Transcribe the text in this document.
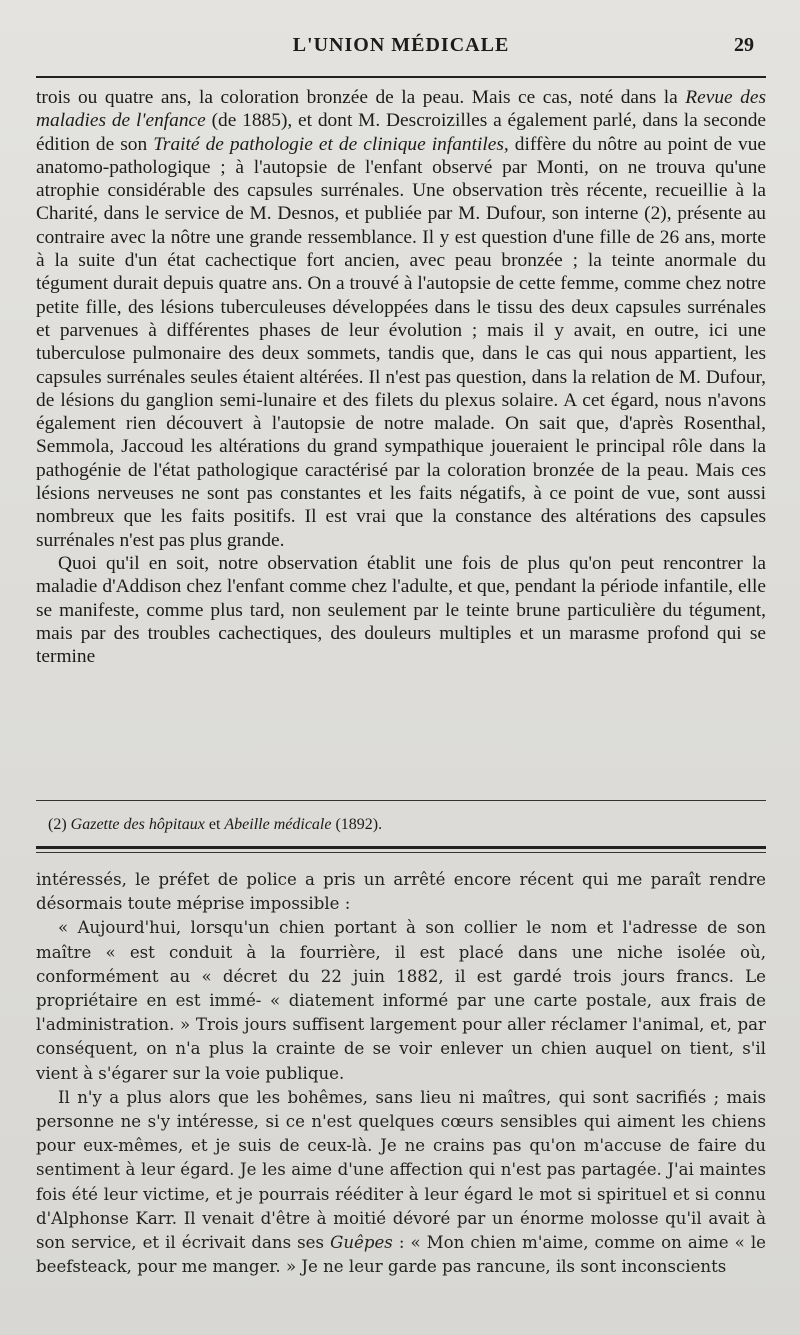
L'UNION MÉDICALE	29

trois ou quatre ans, la coloration bronzée de la peau. Mais ce cas, noté dans la Revue des maladies de l'enfance (de 1885), et dont M. Descroizilles a également parlé, dans la seconde édition de son Traité de pathologie et de clinique infantiles, diffère du nôtre au point de vue anatomo-pathologique ; à l'autopsie de l'enfant observé par Monti, on ne trouva qu'une atrophie considérable des capsules surrénales. Une observation très récente, recueillie à la Charité, dans le service de M. Desnos, et publiée par M. Dufour, son interne (2), présente au contraire avec la nôtre une grande ressemblance. Il y est question d'une fille de 26 ans, morte à la suite d'un état cachectique fort ancien, avec peau bronzée ; la teinte anormale du tégument durait depuis quatre ans. On a trouvé à l'autopsie de cette femme, comme chez notre petite fille, des lésions tuberculeuses développées dans le tissu des deux capsules surrénales et parvenues à différentes phases de leur évolution ; mais il y avait, en outre, ici une tuberculose pulmonaire des deux sommets, tandis que, dans le cas qui nous appartient, les capsules surrénales seules étaient altérées. Il n'est pas question, dans la relation de M. Dufour, de lésions du ganglion semi-lunaire et des filets du plexus solaire. A cet égard, nous n'avons également rien découvert à l'autopsie de notre malade. On sait que, d'après Rosenthal, Semmola, Jaccoud les altérations du grand sympathique joueraient le principal rôle dans la pathogénie de l'état pathologique caractérisé par la coloration bronzée de la peau. Mais ces lésions nerveuses ne sont pas constantes et les faits négatifs, à ce point de vue, sont aussi nombreux que les faits positifs. Il est vrai que la constance des altérations des capsules surrénales n'est pas plus grande.

Quoi qu'il en soit, notre observation établit une fois de plus qu'on peut rencontrer la maladie d'Addison chez l'enfant comme chez l'adulte, et que, pendant la période infantile, elle se manifeste, comme plus tard, non seulement par le teinte brune particulière du tégument, mais par des troubles cachectiques, des douleurs multiples et un marasme profond qui se termine

(2) Gazette des hôpitaux et Abeille médicale (1892).

intéressés, le préfet de police a pris un arrêté encore récent qui me paraît rendre désormais toute méprise impossible :

« Aujourd'hui, lorsqu'un chien portant à son collier le nom et l'adresse de son maître « est conduit à la fourrière, il est placé dans une niche isolée où, conformément au « décret du 22 juin 1882, il est gardé trois jours francs. Le propriétaire en est immé- « diatement informé par une carte postale, aux frais de l'administration. » Trois jours suffisent largement pour aller réclamer l'animal, et, par conséquent, on n'a plus la crainte de se voir enlever un chien auquel on tient, s'il vient à s'égarer sur la voie publique.

Il n'y a plus alors que les bohêmes, sans lieu ni maîtres, qui sont sacrifiés ; mais personne ne s'y intéresse, si ce n'est quelques cœurs sensibles qui aiment les chiens pour eux-mêmes, et je suis de ceux-là. Je ne crains pas qu'on m'accuse de faire du sentiment à leur égard. Je les aime d'une affection qui n'est pas partagée. J'ai maintes fois été leur victime, et je pourrais rééditer à leur égard le mot si spirituel et si connu d'Alphonse Karr. Il venait d'être à moitié dévoré par un énorme molosse qu'il avait à son service, et il écrivait dans ses Guêpes : « Mon chien m'aime, comme on aime « le beefsteack, pour me manger. » Je ne leur garde pas rancune, ils sont inconscients
